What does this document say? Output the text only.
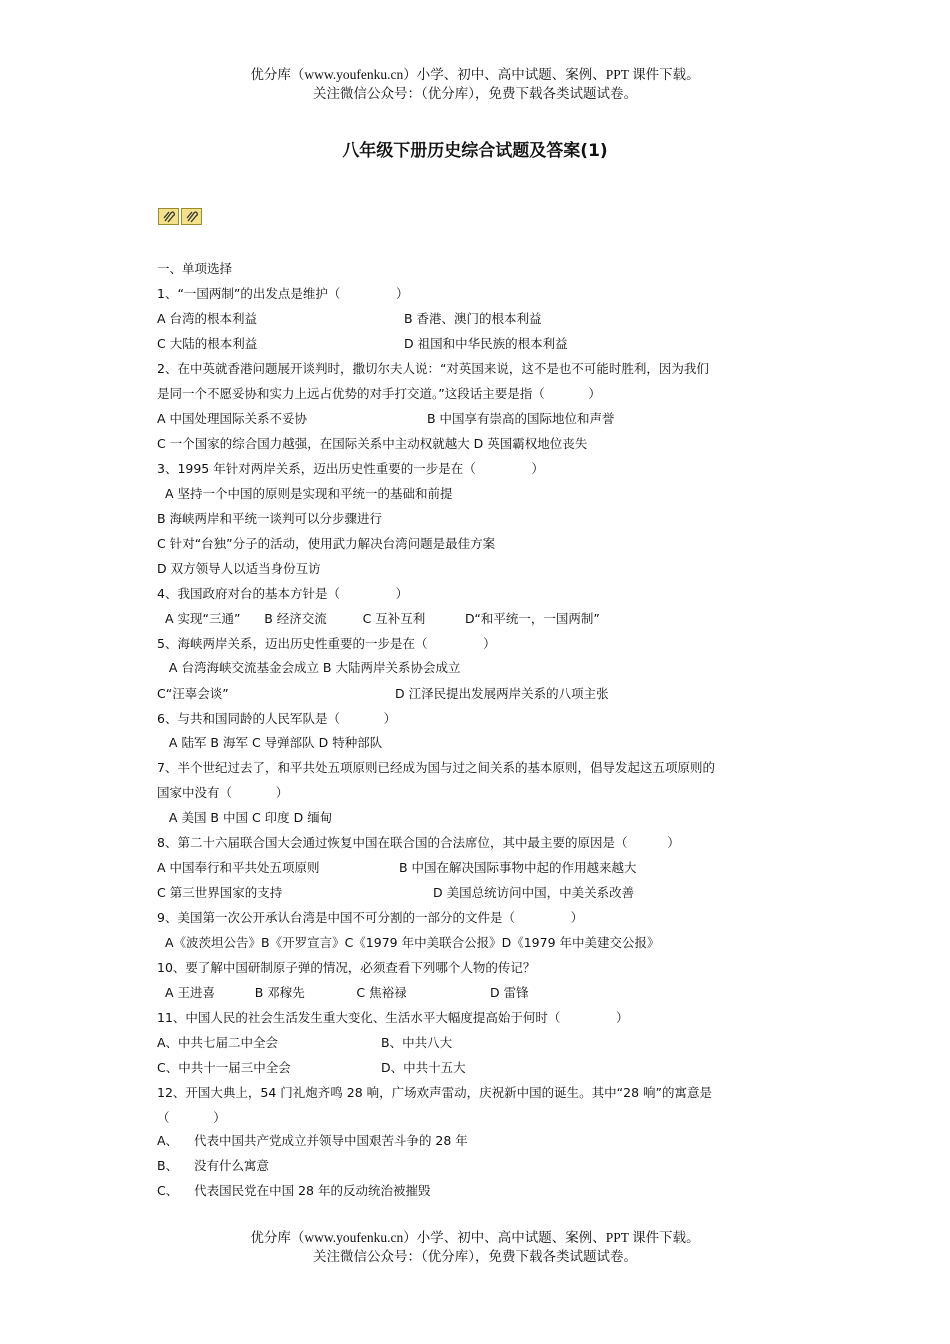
优分库（www.youfenku.cn）小学、初中、高中试题、案例、PPT 课件下载。
关注微信公众号：（优分库），免费下载各类试题试卷。
八年级下册历史综合试题及答案(1)
一、单项选择
1、“一国两制”的出发点是维护（              ）
A 台湾的根本利益	B 香港、澳门的根本利益
C 大陆的根本利益	D 祖国和中华民族的根本利益
2、在中英就香港问题展开谈判时，撒切尔夫人说：“对英国来说，这不是也不可能时胜利，因为我们
是同一个不愿妥协和实力上远占优势的对手打交道。”这段话主要是指（           ）
A 中国处理国际关系不妥协	B 中国享有崇高的国际地位和声誉
C 一个国家的综合国力越强，在国际关系中主动权就越大 D 英国霸权地位丧失
3、1995 年针对两岸关系，迈出历史性重要的一步是在（              ）
A 坚持一个中国的原则是实现和平统一的基础和前提
B 海峡两岸和平统一谈判可以分步骤进行
C 针对“台独”分子的活动，使用武力解决台湾问题是最佳方案
D 双方领导人以适当身份互访
4、我国政府对台的基本方针是（              ）
A 实现“三通”      B 经济交流         C 互补互利          D“和平统一，一国两制”
5、海峡两岸关系，迈出历史性重要的一步是在（              ）
A 台湾海峡交流基金会成立 B 大陆两岸关系协会成立
C“汪辜会谈”	D 江泽民提出发展两岸关系的八项主张
6、与共和国同龄的人民军队是（           ）
A 陆军 B 海军 C 导弹部队 D 特种部队
7、半个世纪过去了，和平共处五项原则已经成为国与过之间关系的基本原则，倡导发起这五项原则的
国家中没有（           ）
A 美国 B 中国 C 印度 D 缅甸
8、第二十六届联合国大会通过恢复中国在联合国的合法席位，其中最主要的原因是（          ）
A 中国奉行和平共处五项原则	B 中国在解决国际事物中起的作用越来越大
C 第三世界国家的支持	D 美国总统访问中国，中美关系改善
9、美国第一次公开承认台湾是中国不可分割的一部分的文件是（              ）
A《波茨坦公告》B《开罗宣言》C《1979 年中美联合公报》D《1979 年中美建交公报》
10、要了解中国研制原子弹的情况，必须查看下列哪个人物的传记？
A 王进喜          B 邓稼先             C 焦裕禄                     D 雷锋
11、中国人民的社会生活发生重大变化、生活水平大幅度提高始于何时（              ）
A、中共七届二中全会	B、中共八大
C、中共十一届三中全会	D、中共十五大
12、开国大典上，54 门礼炮齐鸣 28 响，广场欢声雷动，庆祝新中国的诞生。其中“28 响”的寓意是
（           ）
A、    代表中国共产党成立并领导中国艰苦斗争的 28 年
B、    没有什么寓意
C、    代表国民党在中国 28 年的反动统治被摧毁
优分库（www.youfenku.cn）小学、初中、高中试题、案例、PPT 课件下载。
关注微信公众号：（优分库），免费下载各类试题试卷。
